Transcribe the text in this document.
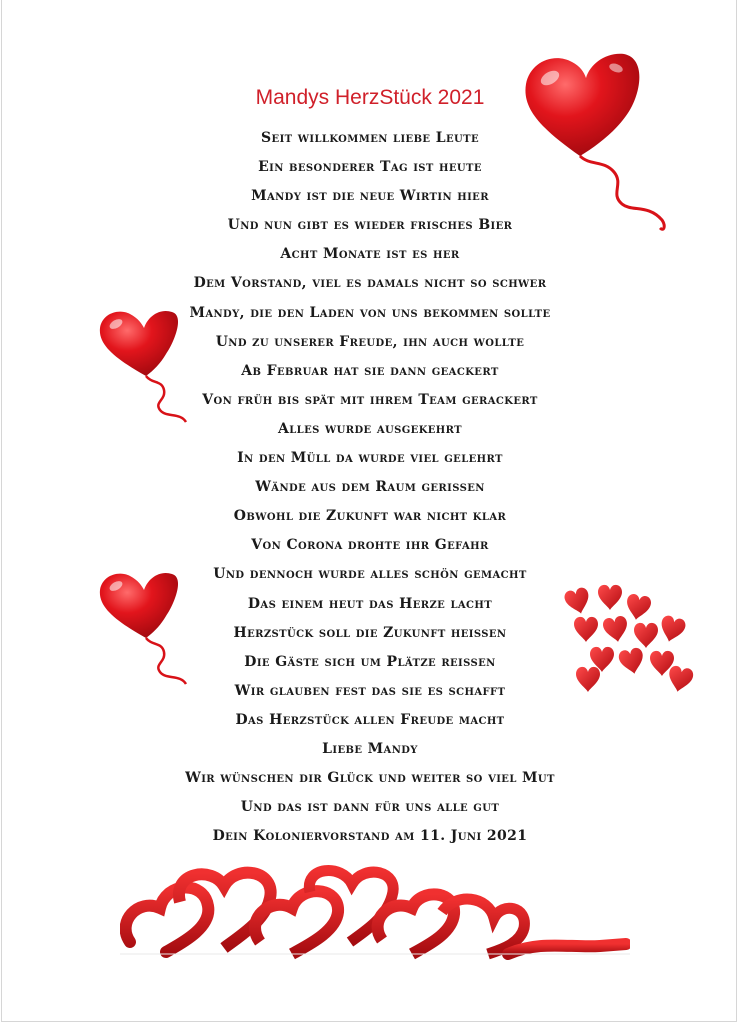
Mandys HerzStück 2021
Seit willkommen liebe Leute
Ein besonderer Tag ist heute
Mandy ist die neue Wirtin hier
Und nun gibt es wieder frisches Bier
Acht Monate ist es her
Dem Vorstand, viel es damals nicht so schwer
Mandy, die den Laden von uns bekommen sollte
Und zu unserer Freude, ihn auch wollte
Ab Februar hat sie dann geackert
Von früh bis spät mit ihrem Team gerackert
Alles wurde ausgekehrt
In den Müll da wurde viel gelehrt
Wände aus dem Raum gerissen
Obwohl die Zukunft war nicht klar
Von Corona drohte ihr Gefahr
Und dennoch wurde alles schön gemacht
Das einem heut das Herze lacht
Herzstück soll die Zukunft heissen
Die Gäste sich um Plätze reissen
Wir glauben fest das sie es schafft
Das Herzstück allen Freude macht
Liebe Mandy
Wir wünschen dir Glück und weiter so viel Mut
Und das ist dann für uns alle gut
Dein Koloniervorstand am 11. Juni 2021
